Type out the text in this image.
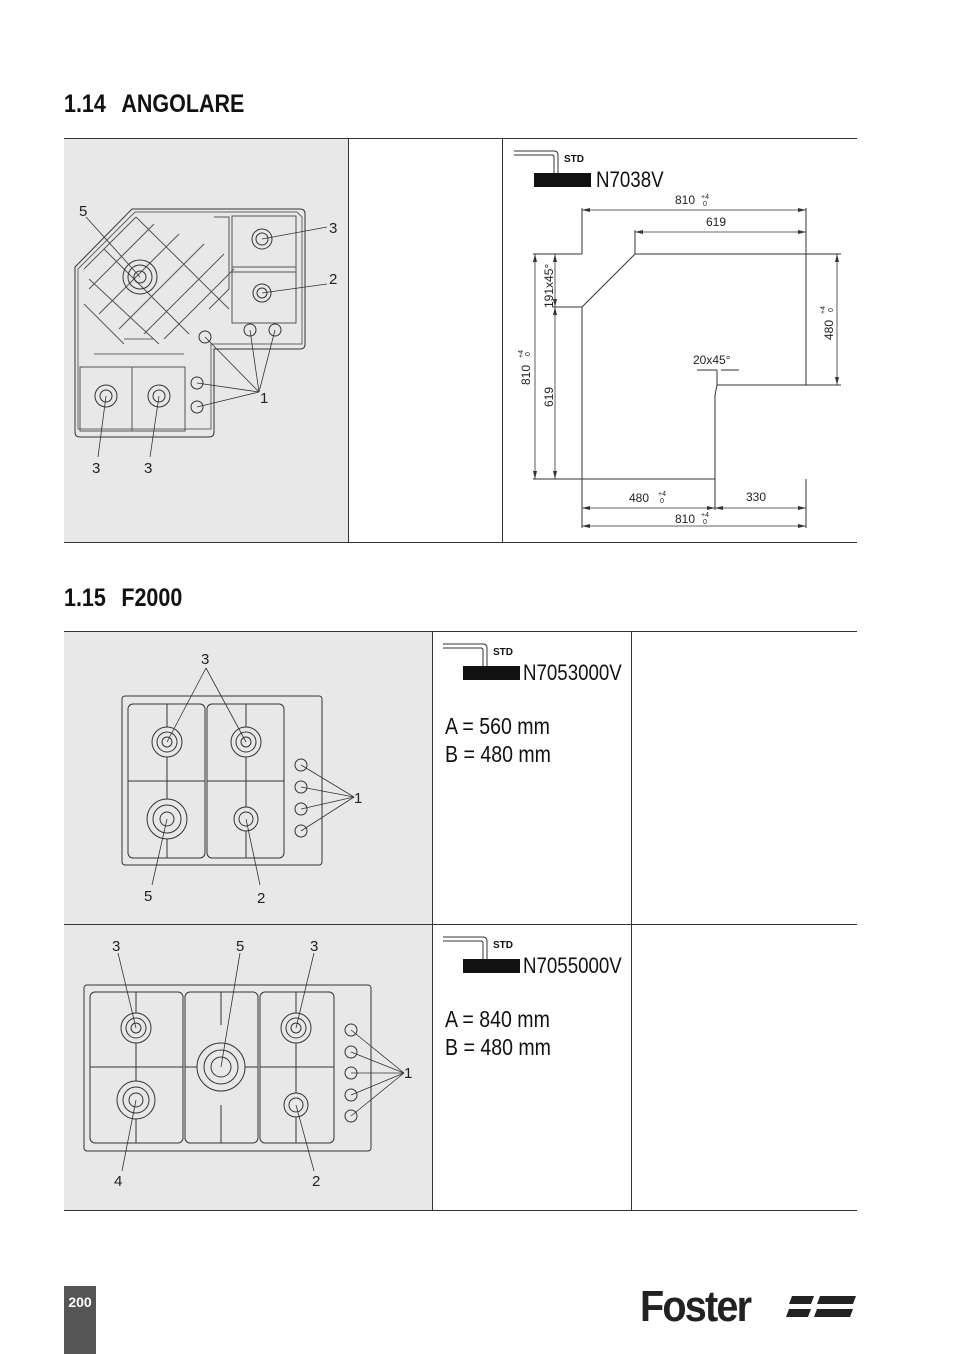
1.14 ANGOLARE
5
3
2
1
3	3
STD
N7038V
810 +4
0
619
191x45°
810
+4 0
619
480
+4 0
20x45°
480 +4
0	330
810 +4
0
1.15 F2000
3
1
5	2
STD
N7053000V
A = 560 mm
B = 480 mm
3	5	3
1
4	2
STD
N7055000V
A = 840 mm
B = 480 mm
200	Foster
